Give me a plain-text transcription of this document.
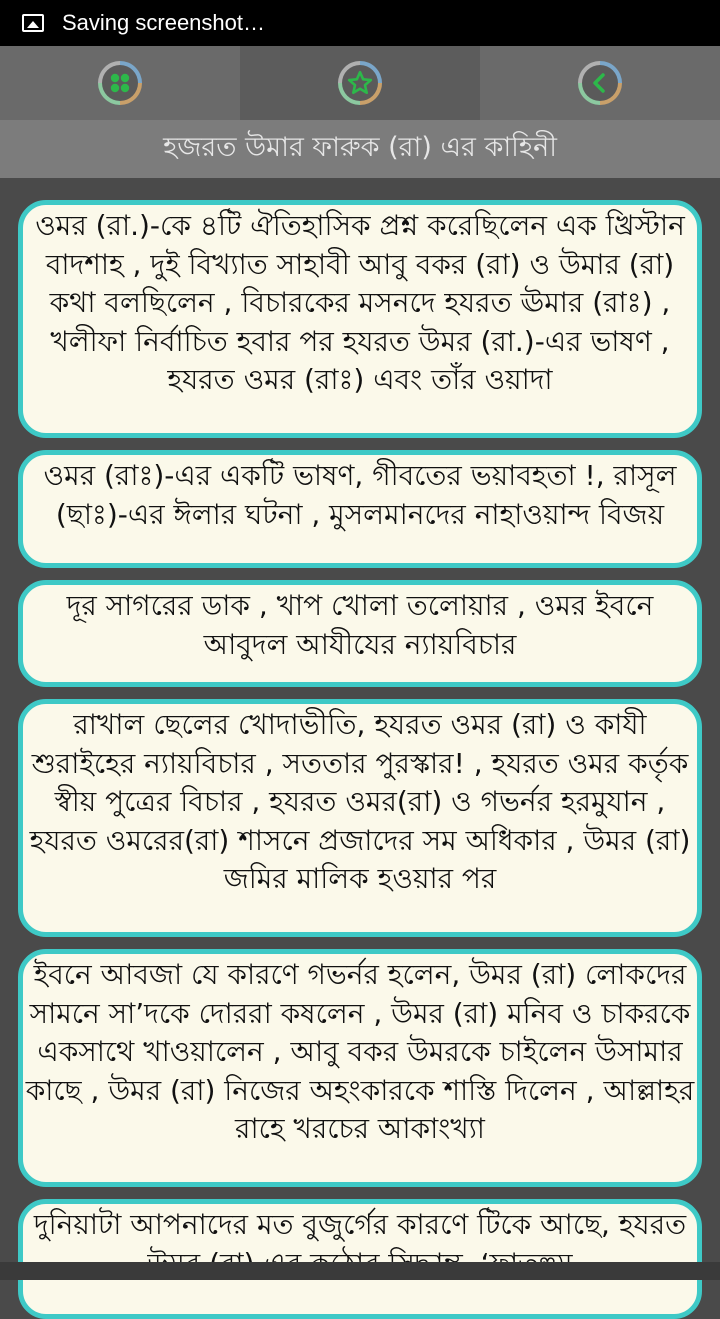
Saving screenshot…
হজরত উমার ফারুক (রা) এর কাহিনী
ওমর (রা.)-কে ৪টি ঐতিহাসিক প্রশ্ন করেছিলেন এক খ্রিস্টান বাদশাহ , দুই বিখ্যাত সাহাবী আবু বকর (রা) ও উমার (রা) কথা বলছিলেন , বিচারকের মসনদে হযরত ঊমার (রাঃ) , খলীফা নির্বাচিত হবার পর হযরত উমর (রা.)-এর ভাষণ , হযরত ওমর (রাঃ) এবং তাঁর ওয়াদা
ওমর (রাঃ)-এর একটি ভাষণ, গীবতের ভয়াবহতা !, রাসূল (ছাঃ)-এর ঈলার ঘটনা , মুসলমানদের নাহাওয়ান্দ বিজয়
দূর সাগরের ডাক , খাপ খোলা তলোয়ার , ওমর ইবনে আবুদল আযীযের ন্যায়বিচার
রাখাল ছেলের খোদাভীতি, হযরত ওমর (রা) ও কাযী শুরাইহের ন্যায়বিচার , সততার পুরস্কার! , হযরত ওমর কর্তৃক স্বীয় পুত্রের বিচার , হযরত ওমর(রা) ও গভর্নর হরমুযান , হযরত ওমরের(রা) শাসনে প্রজাদের সম অধিকার , উমর (রা) জমির মালিক হওয়ার পর
ইবনে আবজা যে কারণে গভর্নর হলেন, উমর (রা) লোকদের সামনে সা’দকে দোররা কষলেন , উমর (রা) মনিব ও চাকরকে একসাথে খাওয়ালেন , আবু বকর উমরকে চাইলেন উসামার কাছে , উমর (রা) নিজের অহংকারকে শাস্তি দিলেন , আল্লাহর রাহে খরচের আকাংখ্যা
দুনিয়াটা আপনাদের মত বুজুর্গের কারণে টিকে আছে, হযরত
